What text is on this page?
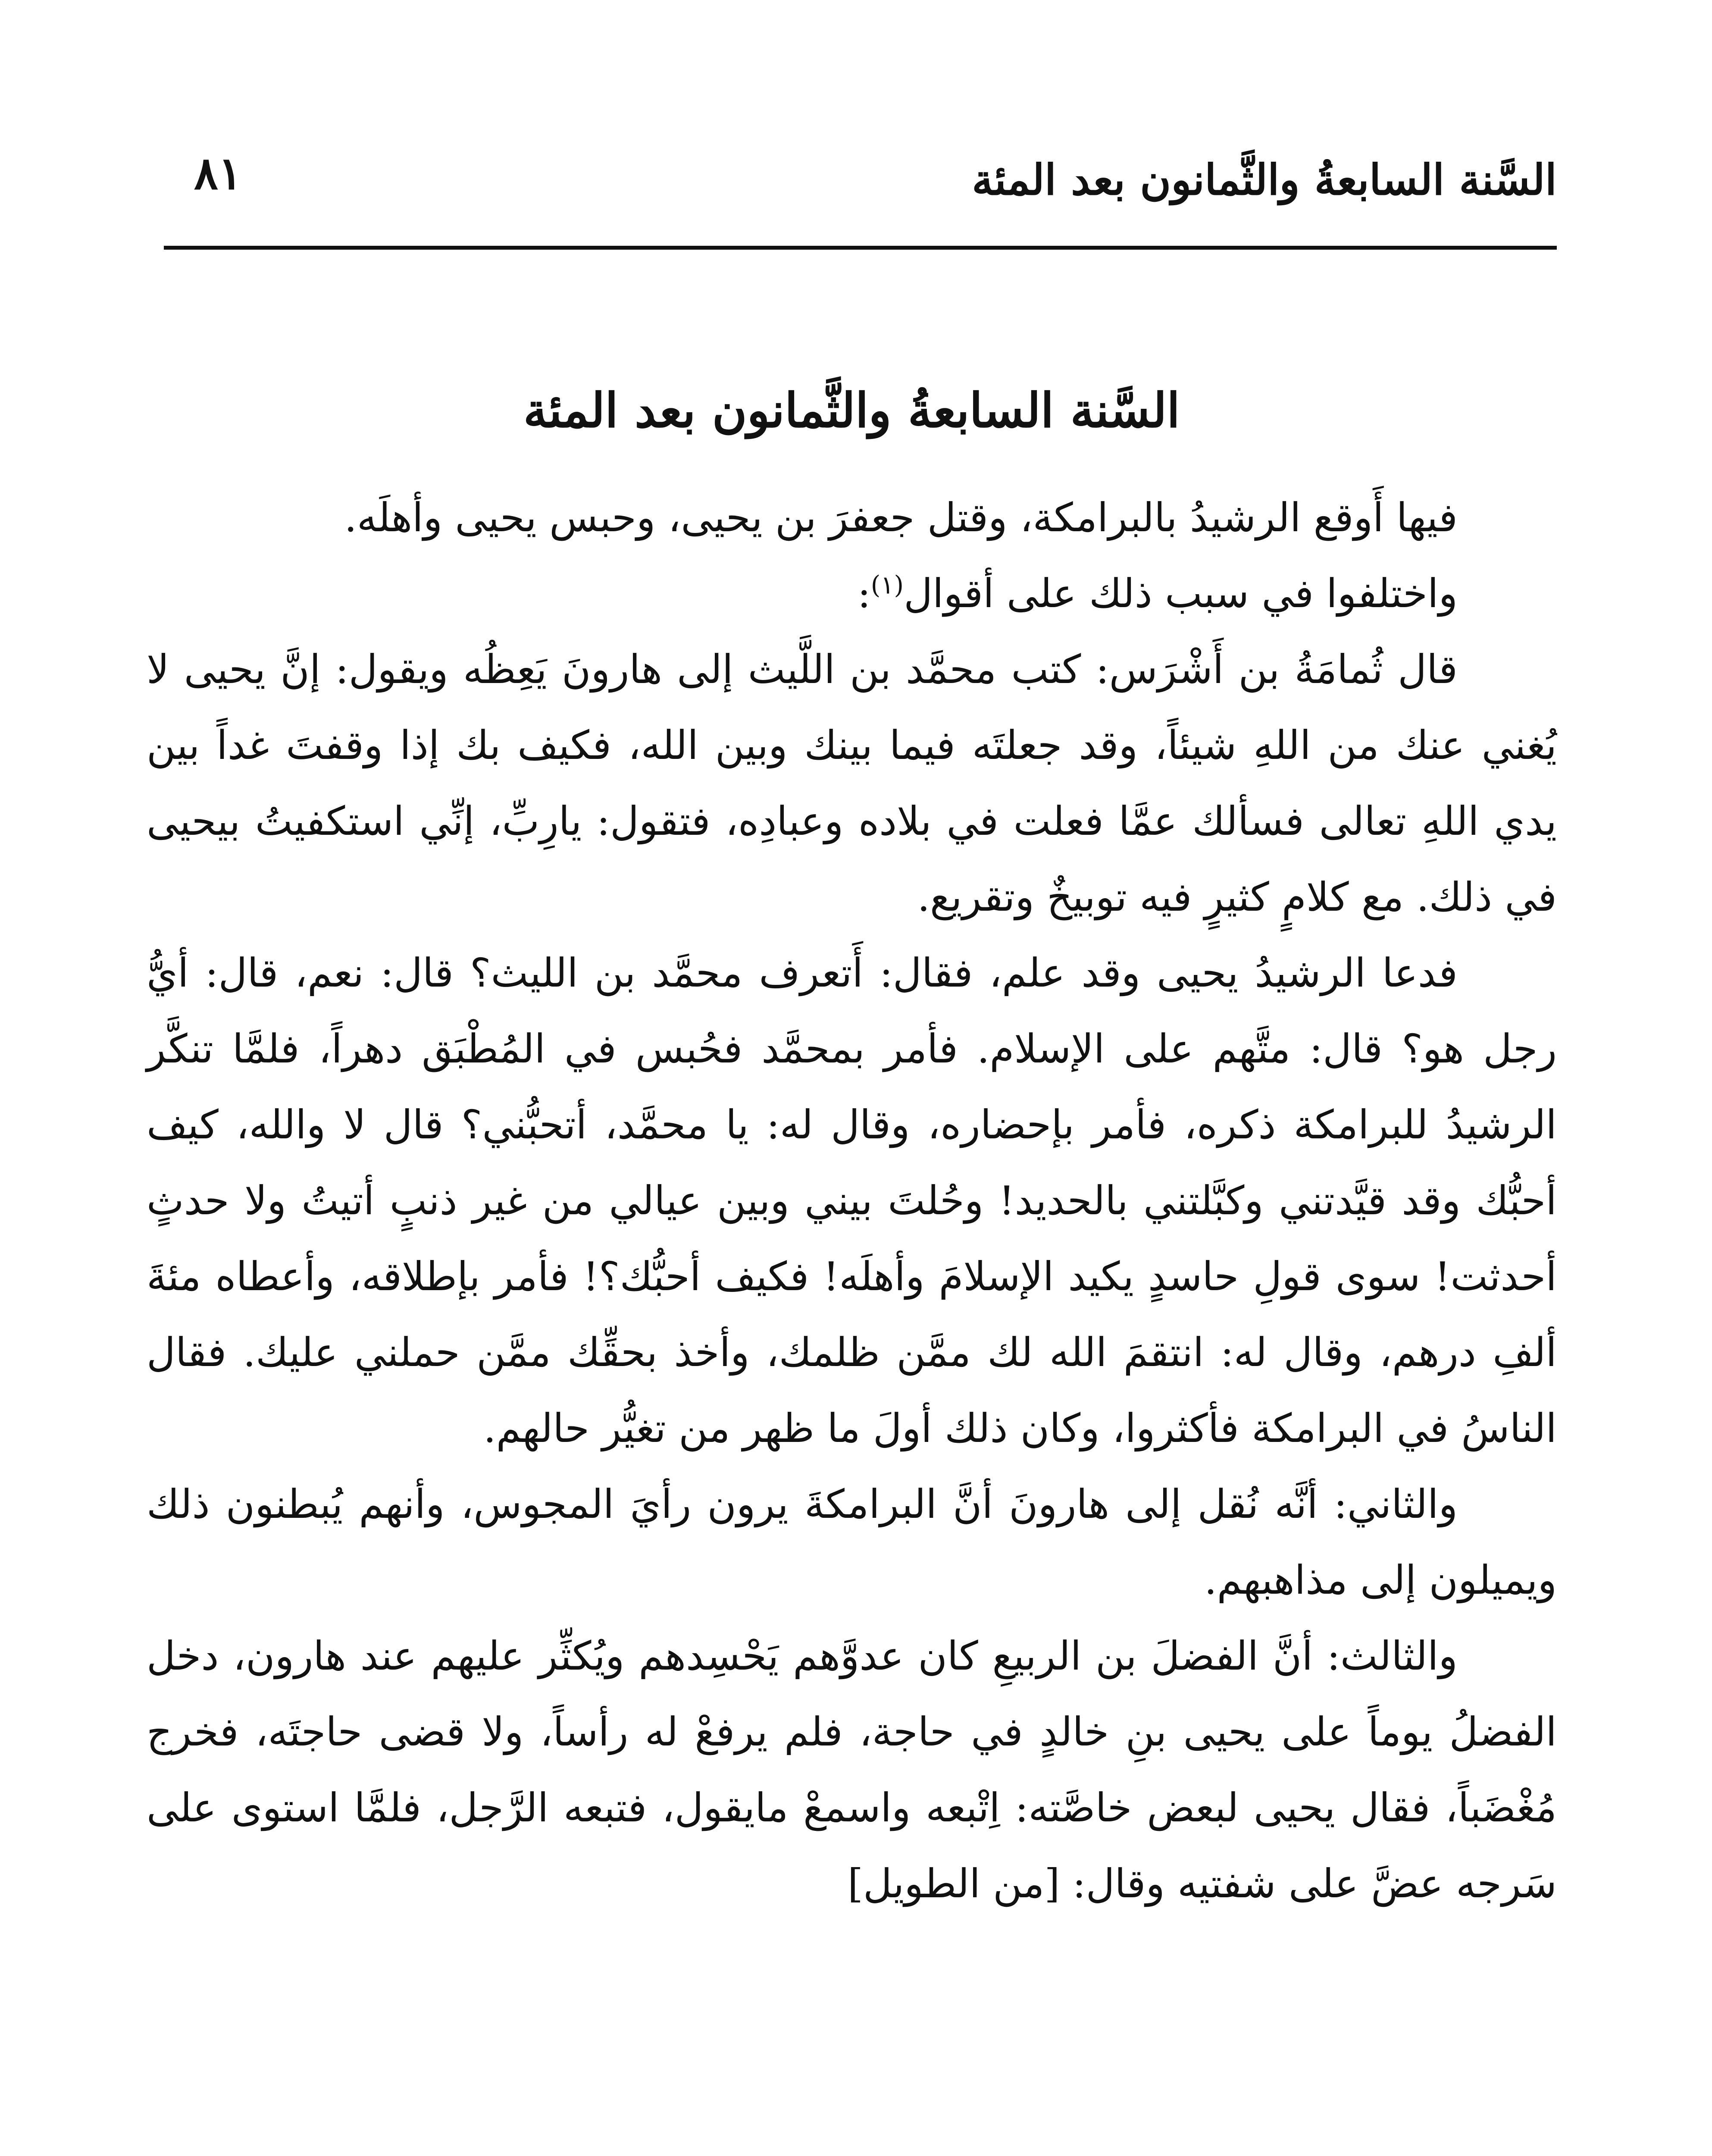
السَّنة السابعةُ والثَّمانون بعد المئة
٨١
السَّنة السابعةُ والثَّمانون بعد المئة

فيها أَوقع الرشيدُ بالبرامكة، وقتل جعفرَ بن يحيى، وحبس يحيى وأهلَه.

واختلفوا في سبب ذلك على أقوال$^{(١)}$:

قال ثُمامَةُ بن أَشْرَس: كتب محمَّد بن اللَّيث إلى هارونَ يَعِظُه ويقول: إنَّ يحيى لا يُغني عنك من اللهِ شيئاً، وقد جعلتَه فيما بينك وبين الله، فكيف بك إذا وقفتَ غداً بين يدي اللهِ تعالى فسألك عمَّا فعلت في بلاده وعبادِه، فتقول: يارِبِّ، إنِّي استكفيتُ بيحيى في ذلك. مع كلامٍ كثيرٍ فيه توبيخٌ وتقريع.

فدعا الرشيدُ يحيى وقد علم، فقال: أَتعرف محمَّد بن الليث؟ قال: نعم، قال: أيُّ رجل هو؟ قال: متَّهم على الإسلام. فأمر بمحمَّد فحُبس في المُطْبَق دهراً، فلمَّا تنكَّر الرشيدُ للبرامكة ذكره، فأمر بإحضاره، وقال له: يا محمَّد، أتحبُّني؟ قال لا والله، كيف أحبُّك وقد قيَّدتني وكبَّلتني بالحديد! وحُلتَ بيني وبين عيالي من غير ذنبٍ أتيتُ ولا حدثٍ أحدثت! سوى قولِ حاسدٍ يكيد الإسلامَ وأهلَه! فكيف أحبُّك؟! فأمر بإطلاقه، وأعطاه مئةَ ألفِ درهم، وقال له: انتقمَ الله لك ممَّن ظلمك، وأخذ بحقِّك ممَّن حملني عليك. فقال الناسُ في البرامكة فأكثروا، وكان ذلك أولَ ما ظهر من تغيُّر حالهم.

والثاني: أنَّه نُقل إلى هارونَ أنَّ البرامكةَ يرون رأيَ المجوس، وأنهم يُبطنون ذلك ويميلون إلى مذاهبهم.

والثالث: أنَّ الفضلَ بن الربيعِ كان عدوَّهم يَحْسِدهم ويُكثِّر عليهم عند هارون، دخل الفضلُ يوماً على يحيى بنِ خالدٍ في حاجة، فلم يرفعْ له رأساً، ولا قضى حاجتَه، فخرج مُغْضَباً، فقال يحيى لبعض خاصَّته: اِتْبعه واسمعْ مايقول، فتبعه الرَّجل، فلمَّا استوى على سَرجه عضَّ على شفتيه وقال: [من الطويل]
